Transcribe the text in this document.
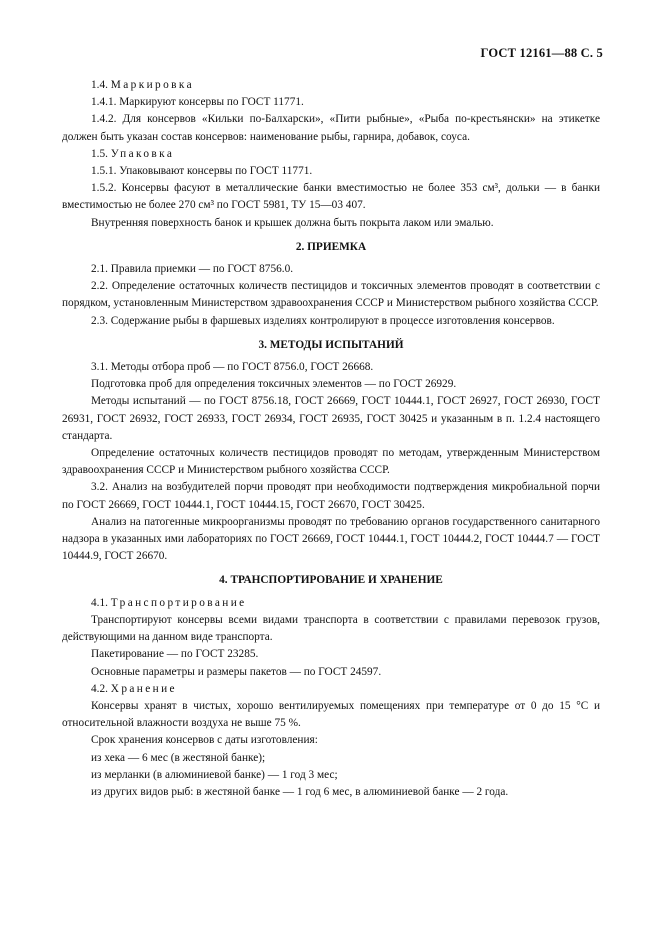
ГОСТ 12161—88 С. 5

1.4. Маркировка

1.4.1. Маркируют консервы по ГОСТ 11771.

1.4.2. Для консервов «Кильки по-Балхарски», «Пити рыбные», «Рыба по-крестьянски» на этикетке должен быть указан состав консервов: наименование рыбы, гарнира, добавок, соуса.

1.5. Упаковка

1.5.1. Упаковывают консервы по ГОСТ 11771.

1.5.2. Консервы фасуют в металлические банки вместимостью не более 353 см³, дольки — в банки вместимостью не более 270 см³ по ГОСТ 5981, ТУ 15—03 407.

Внутренняя поверхность банок и крышек должна быть покрыта лаком или эмалью.

2. ПРИЕМКА

2.1. Правила приемки — по ГОСТ 8756.0.

2.2. Определение остаточных количеств пестицидов и токсичных элементов проводят в соответствии с порядком, установленным Министерством здравоохранения СССР и Министерством рыбного хозяйства СССР.

2.3. Содержание рыбы в фаршевых изделиях контролируют в процессе изготовления консервов.

3. МЕТОДЫ ИСПЫТАНИЙ

3.1. Методы отбора проб — по ГОСТ 8756.0, ГОСТ 26668.

Подготовка проб для определения токсичных элементов — по ГОСТ 26929.

Методы испытаний — по ГОСТ 8756.18, ГОСТ 26669, ГОСТ 10444.1, ГОСТ 26927, ГОСТ 26930, ГОСТ 26931, ГОСТ 26932, ГОСТ 26933, ГОСТ 26934, ГОСТ 26935, ГОСТ 30425 и указанным в п. 1.2.4 настоящего стандарта.

Определение остаточных количеств пестицидов проводят по методам, утвержденным Министерством здравоохранения СССР и Министерством рыбного хозяйства СССР.

3.2. Анализ на возбудителей порчи проводят при необходимости подтверждения микробиальной порчи по ГОСТ 26669, ГОСТ 10444.1, ГОСТ 10444.15, ГОСТ 26670, ГОСТ 30425.

Анализ на патогенные микроорганизмы проводят по требованию органов государственного санитарного надзора в указанных ими лабораториях по ГОСТ 26669, ГОСТ 10444.1, ГОСТ 10444.2, ГОСТ 10444.7 — ГОСТ 10444.9, ГОСТ 26670.

4. ТРАНСПОРТИРОВАНИЕ И ХРАНЕНИЕ

4.1. Транспортирование

Транспортируют консервы всеми видами транспорта в соответствии с правилами перевозок грузов, действующими на данном виде транспорта.

Пакетирование — по ГОСТ 23285.

Основные параметры и размеры пакетов — по ГОСТ 24597.

4.2. Хранение

Консервы хранят в чистых, хорошо вентилируемых помещениях при температуре от 0 до 15 °С и относительной влажности воздуха не выше 75 %.

Срок хранения консервов с даты изготовления:

из хека — 6 мес (в жестяной банке);

из мерланки (в алюминиевой банке) — 1 год 3 мес;

из других видов рыб: в жестяной банке — 1 год 6 мес, в алюминиевой банке — 2 года.
